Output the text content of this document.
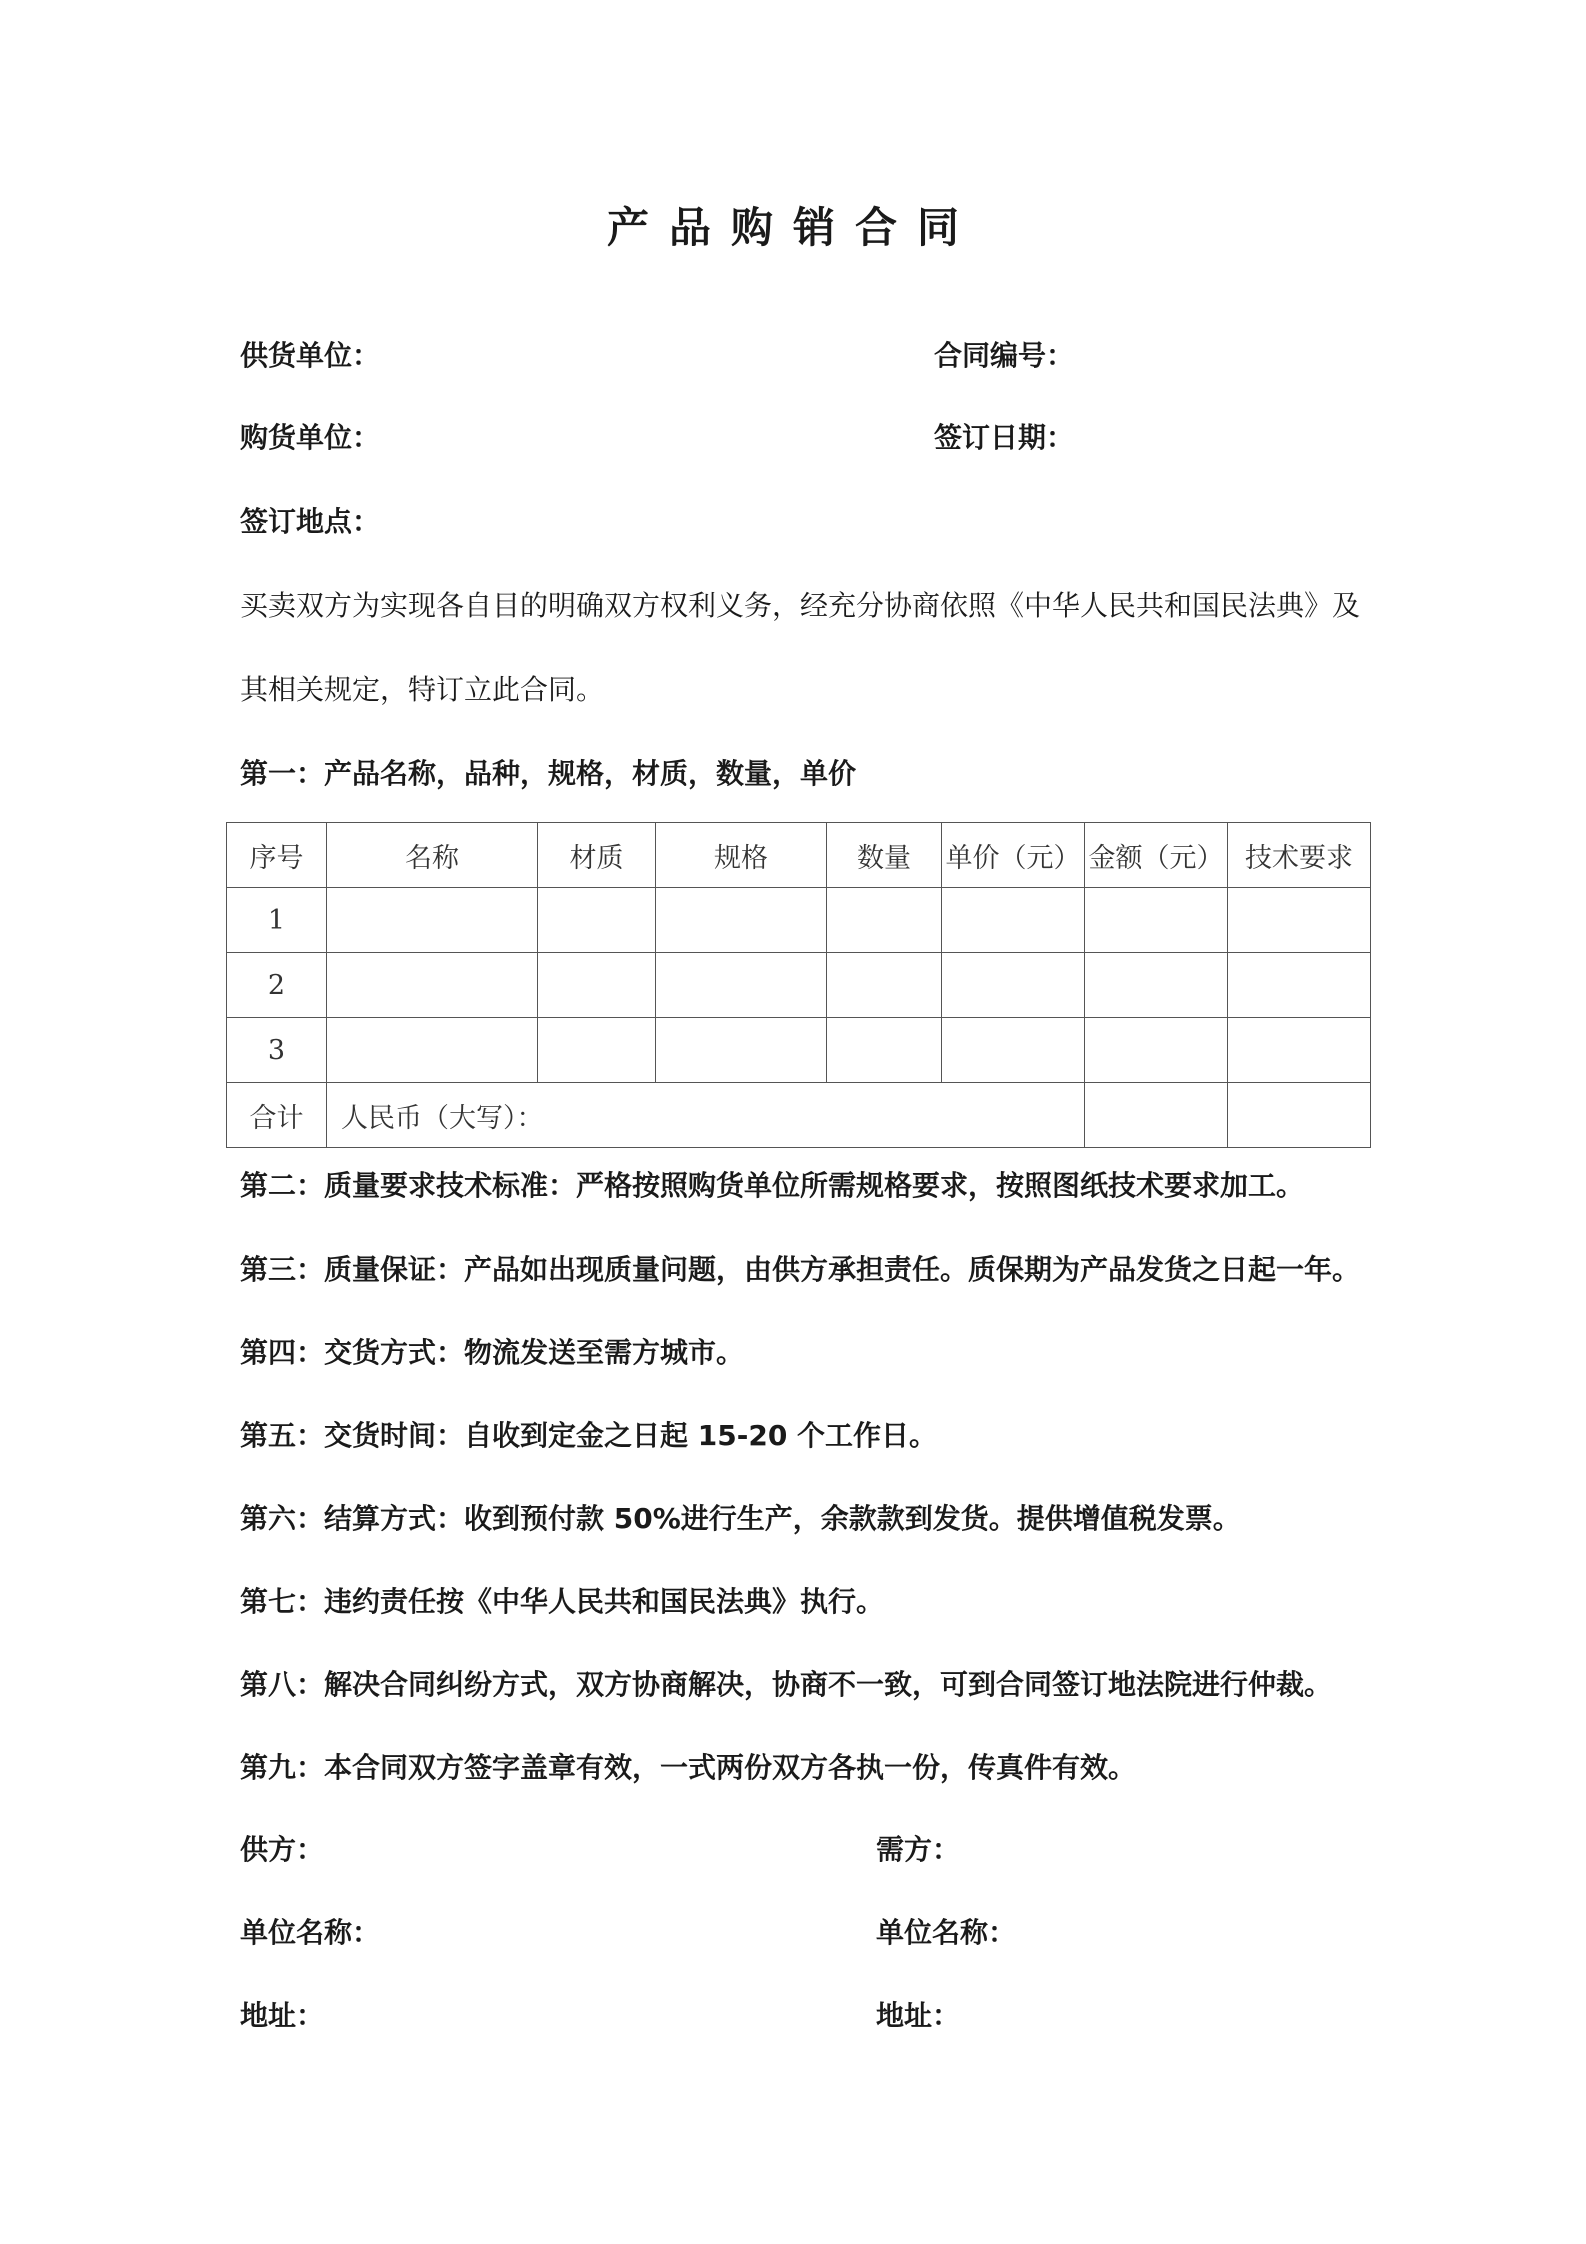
产品购销合同
供货单位：	合同编号：
购货单位：	签订日期：
签订地点：
买卖双方为实现各自目的明确双方权利义务，经充分协商依照《中华人民共和国民法典》及
其相关规定，特订立此合同。
第一：产品名称，品种，规格，材质，数量，单价
序号	名称	材质	规格	数量	单价（元）	金额（元）	技术要求
1							
2							
3							
合计	人民币（大写）：						
第二：质量要求技术标准：严格按照购货单位所需规格要求，按照图纸技术要求加工。
第三：质量保证：产品如出现质量问题，由供方承担责任。质保期为产品发货之日起一年。
第四：交货方式：物流发送至需方城市。
第五：交货时间：自收到定金之日起 15-20 个工作日。
第六：结算方式：收到预付款 50%进行生产，余款款到发货。提供增值税发票。
第七：违约责任按《中华人民共和国民法典》执行。
第八：解决合同纠纷方式，双方协商解决，协商不一致，可到合同签订地法院进行仲裁。
第九：本合同双方签字盖章有效，一式两份双方各执一份，传真件有效。
供方：	需方：
单位名称：	单位名称：
地址：	地址：
